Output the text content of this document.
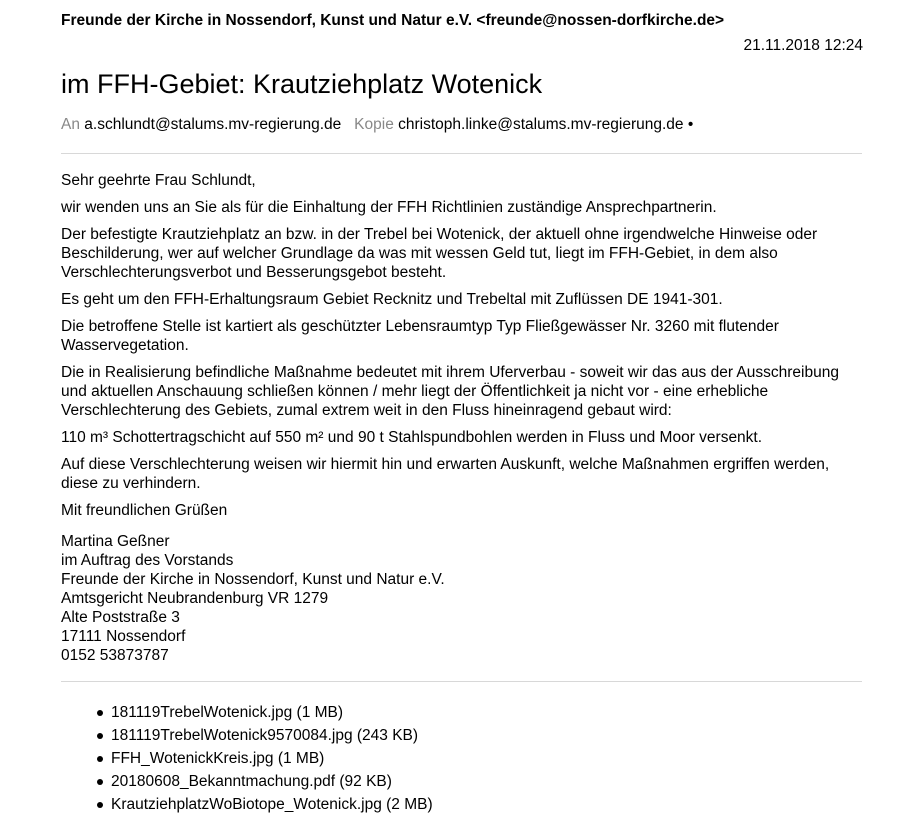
Freunde der Kirche in Nossendorf, Kunst und Natur e.V. <freunde@nossen-dorfkirche.de>
21.11.2018 12:24
im FFH-Gebiet: Krautziehplatz Wotenick
An a.schlundt@stalums.mv-regierung.de Kopie christoph.linke@stalums.mv-regierung.de •

Sehr geehrte Frau Schlundt,

wir wenden uns an Sie als für die Einhaltung der FFH Richtlinien zuständige Ansprechpartnerin.

Der befestigte Krautziehplatz an bzw. in der Trebel bei Wotenick, der aktuell ohne irgendwelche Hinweise oder Beschilderung, wer auf welcher Grundlage da was mit wessen Geld tut, liegt im FFH-Gebiet, in dem also Verschlechterungsverbot und Besserungsgebot besteht.

Es geht um den FFH-Erhaltungsraum Gebiet Recknitz und Trebeltal mit Zuflüssen DE 1941-301.

Die betroffene Stelle ist kartiert als geschützter Lebensraumtyp Typ Fließgewässer Nr. 3260 mit flutender Wasservegetation.

Die in Realisierung befindliche Maßnahme bedeutet mit ihrem Uferverbau - soweit wir das aus der Ausschreibung und aktuellen Anschauung schließen können / mehr liegt der Öffentlichkeit ja nicht vor - eine erhebliche Verschlechterung des Gebiets, zumal extrem weit in den Fluss hineinragend gebaut wird:

110 m³ Schottertragschicht auf 550 m² und 90 t Stahlspundbohlen werden in Fluss und Moor versenkt.

Auf diese Verschlechterung weisen wir hiermit hin und erwarten Auskunft, welche Maßnahmen ergriffen werden, diese zu verhindern.

Mit freundlichen Grüßen

Martina Geßner
im Auftrag des Vorstands
Freunde der Kirche in Nossendorf, Kunst und Natur e.V.
Amtsgericht Neubrandenburg VR 1279
Alte Poststraße 3
17111 Nossendorf
0152 53873787
181119TrebelWotenick.jpg (1 MB)
181119TrebelWotenick9570084.jpg (243 KB)
FFH_WotenickKreis.jpg (1 MB)
20180608_Bekanntmachung.pdf (92 KB)
KrautziehplatzWoBiotope_Wotenick.jpg (2 MB)
